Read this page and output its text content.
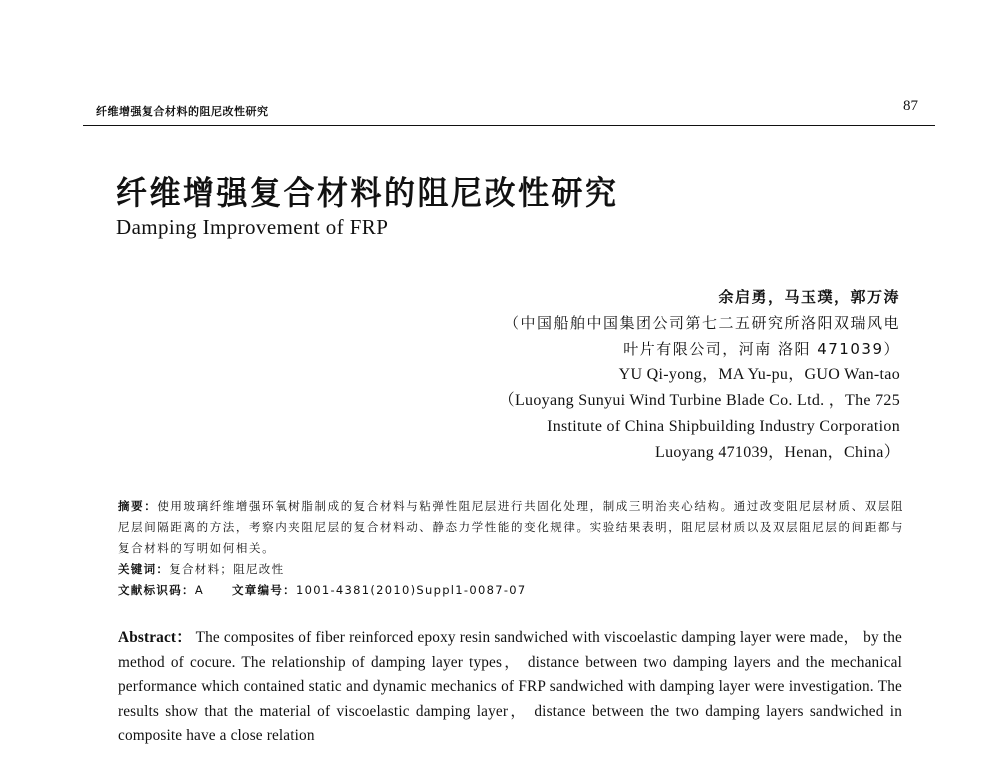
纤维增强复合材料的阻尼改性研究	87
纤维增强复合材料的阻尼改性研究
Damping Improvement of FRP
余启勇，马玉璞，郭万涛
（中国船舶中国集团公司第七二五研究所洛阳双瑞风电
叶片有限公司，河南 洛阳 471039）
YU Qi-yong，MA Yu-pu，GUO Wan-tao
（Luoyang Sunyui Wind Turbine Blade Co. Ltd. ，The 725
Institute of China Shipbuilding Industry Corporation
Luoyang 471039，Henan，China）
摘要：使用玻璃纤维增强环氧树脂制成的复合材料与粘弹性阻尼层进行共固化处理，制成三明治夹心结构。通过改变阻尼层材质、双层阻尼层间隔距离的方法，考察内夹阻尼层的复合材料动、静态力学性能的变化规律。实验结果表明，阻尼层材质以及双层阻尼层的间距都与复合材料的写明如何相关。
关键词：复合材料；阻尼改性
文献标识码：A 文章编号：1001-4381(2010)Suppl1-0087-07
Abstract： The composites of fiber reinforced epoxy resin sandwiched with viscoelastic damping layer were made， by the method of cocure. The relationship of damping layer types， distance between two damping layers and the mechanical performance which contained static and dynamic mechanics of FRP sandwiched with damping layer were investigation. The results show that the material of viscoelastic damping layer， distance between the two damping layers sandwiched in composite have a close relation
